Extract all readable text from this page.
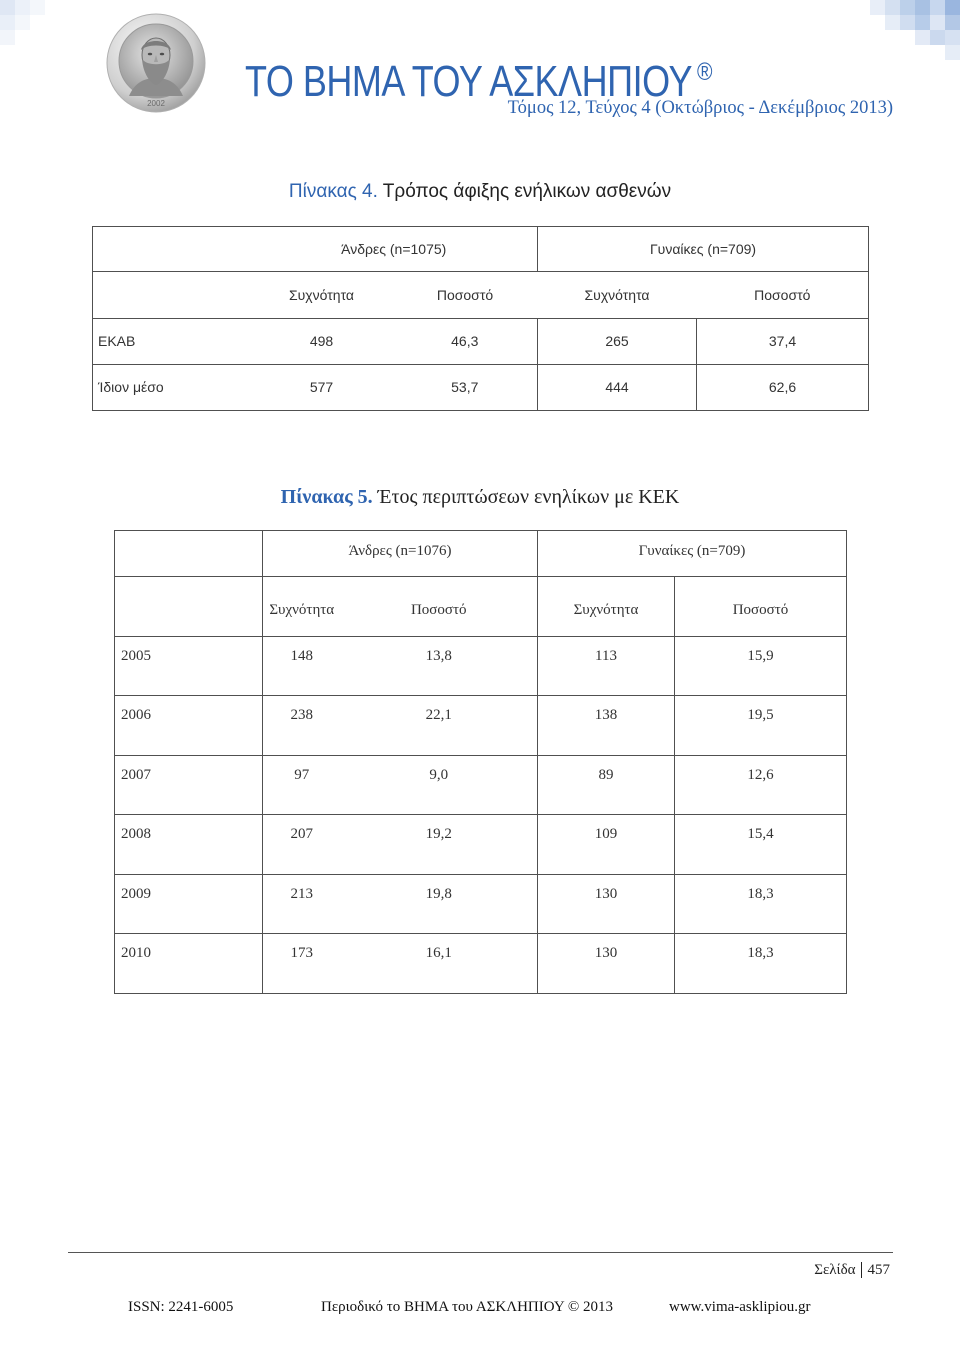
2002 ΤΟ ΒΗΜΑ ΤΟΥ ΑΣΚΛΗΠΙΟΥ ®
Τόμος 12, Τεύχος 4 (Οκτώβριος - Δεκέμβριος 2013)
Πίνακας 4. Τρόπος άφιξης ενήλικων ασθενών
	Άνδρες (n=1075)		Γυναίκες (n=709)	
	Συχνότητα	Ποσοστό	Συχνότητα	Ποσοστό
ΕΚΑΒ	498	46,3	265	37,4
Ίδιον μέσο	577	53,7	444	62,6
Πίνακας 5. Έτος περιπτώσεων ενηλίκων με ΚΕΚ
	Άνδρες (n=1076)		Γυναίκες (n=709)	
	Συχνότητα	Ποσοστό	Συχνότητα	Ποσοστό
2005	148	13,8	113	15,9
2006	238	22,1	138	19,5
2007	97	9,0	89	12,6
2008	207	19,2	109	15,4
2009	213	19,8	130	18,3
2010	173	16,1	130	18,3
Σελίδα 457
ISSN: 2241-6005	Περιοδικό το ΒΗΜΑ του ΑΣΚΛΗΠΙΟΥ © 2013	www.vima-asklipiou.gr
